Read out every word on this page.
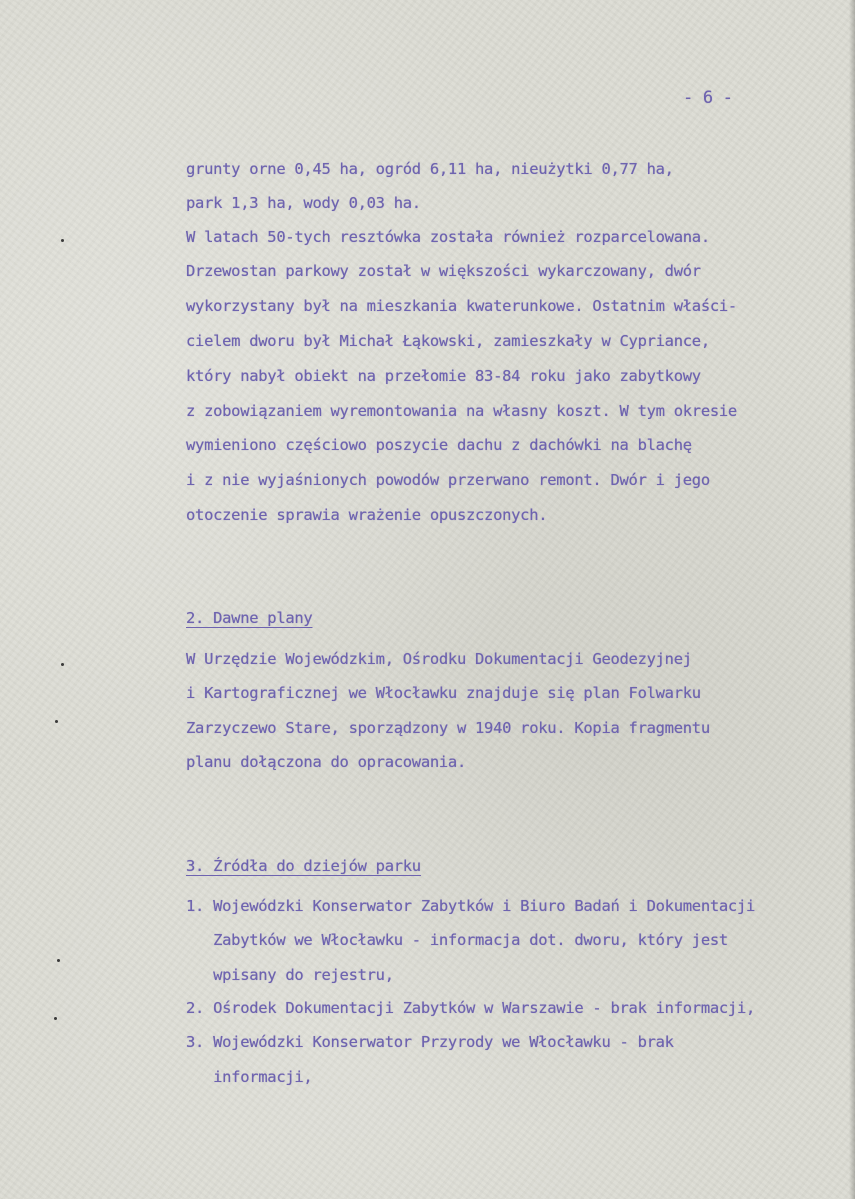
- 6 -

grunty orne 0,45 ha, ogród 6,11 ha, nieużytki 0,77 ha,

park 1,3 ha, wody 0,03 ha.

W latach 50-tych resztówka została również rozparcelowana.

Drzewostan parkowy został w większości wykarczowany, dwór

wykorzystany był na mieszkania kwaterunkowe. Ostatnim właści-

cielem dworu był Michał Łąkowski, zamieszkały w Cypriance,

który nabył obiekt na przełomie 83-84 roku jako zabytkowy

z zobowiązaniem wyremontowania na własny koszt. W tym okresie

wymieniono częściowo poszycie dachu z dachówki na blachę

i z nie wyjaśnionych powodów przerwano remont. Dwór i jego

otoczenie sprawia wrażenie opuszczonych.

2. Dawne plany

W Urzędzie Wojewódzkim, Ośrodku Dokumentacji Geodezyjnej

i Kartograficznej we Włocławku znajduje się plan Folwarku

Zarzyczewo Stare, sporządzony w 1940 roku. Kopia fragmentu

planu dołączona do opracowania.

3. Źródła do dziejów parku

1. Wojewódzki Konserwator Zabytków i Biuro Badań i Dokumentacji

Zabytków we Włocławku - informacja dot. dworu, który jest

wpisany do rejestru,

2. Ośrodek Dokumentacji Zabytków w Warszawie - brak informacji,

3. Wojewódzki Konserwator Przyrody we Włocławku - brak

informacji,
